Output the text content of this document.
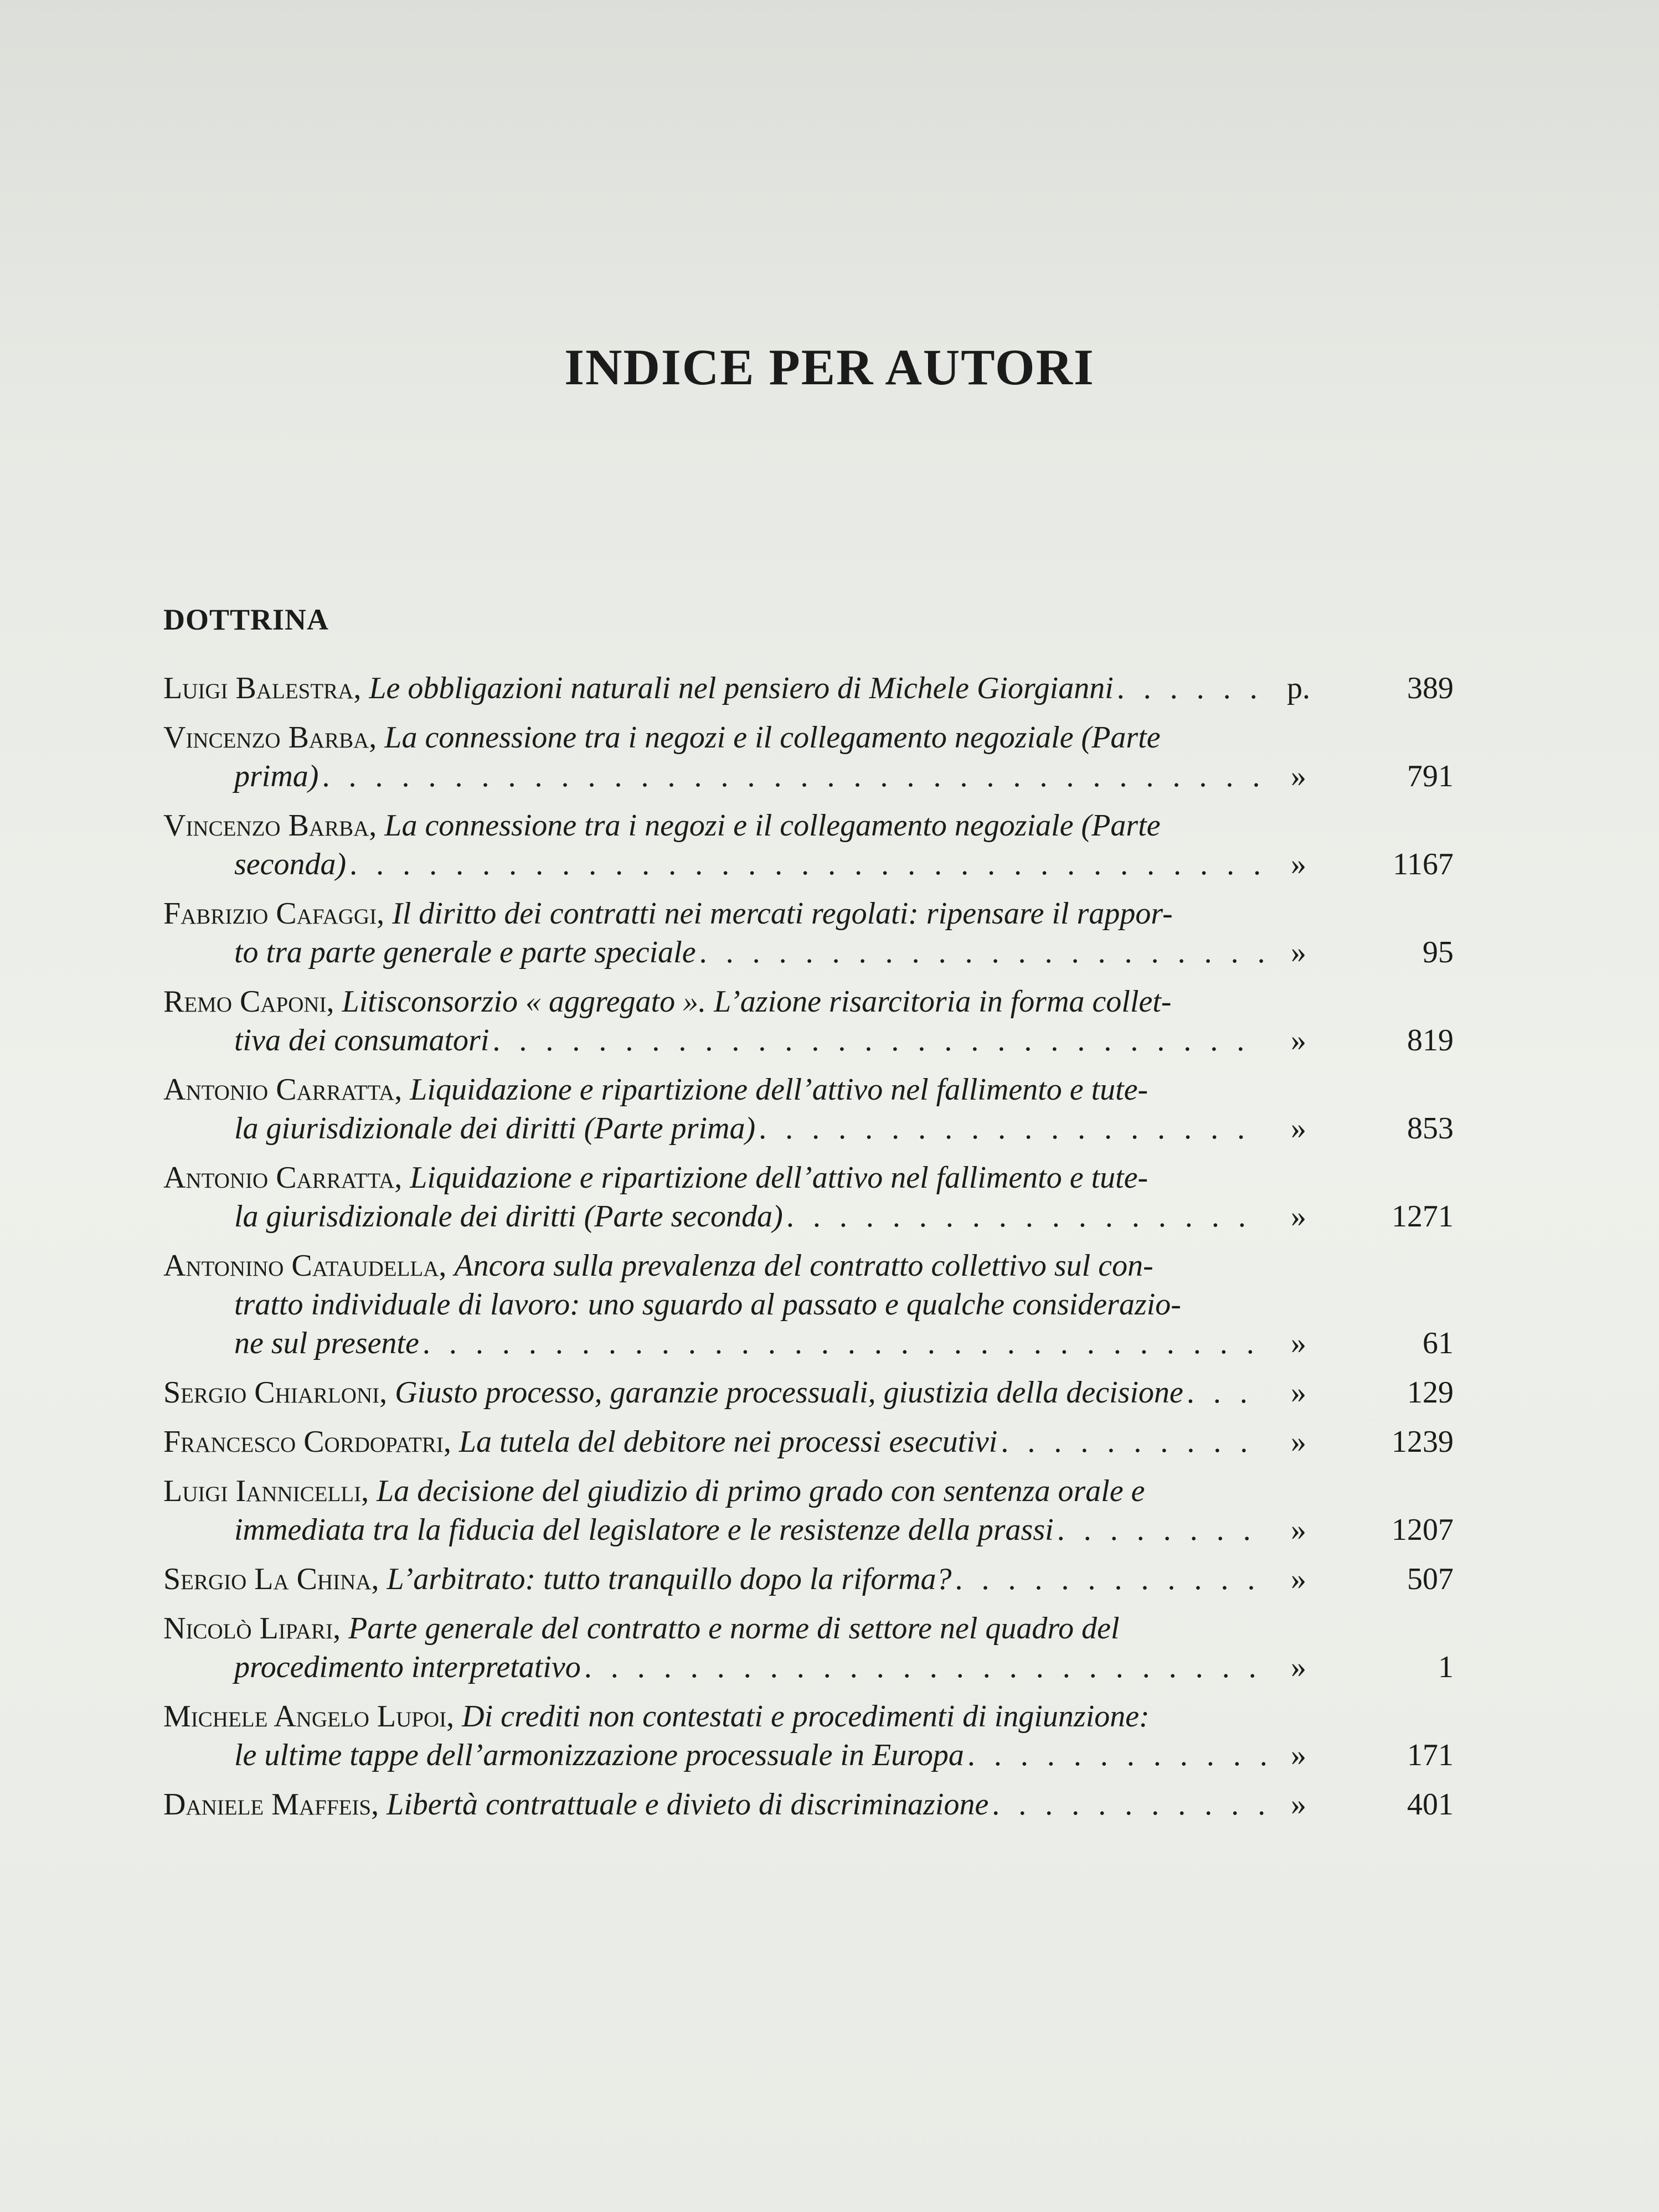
INDICE PER AUTORI
DOTTRINA
Luigi Balestra, Le obbligazioni naturali nel pensiero di Michele Giorgianni . . .	p.	389
Vincenzo Barba, La connessione tra i negozi e il collegamento negoziale (Parte
prima) . . .	»	791
Vincenzo Barba, La connessione tra i negozi e il collegamento negoziale (Parte
seconda) . . .	»	1167
Fabrizio Cafaggi, Il diritto dei contratti nei mercati regolati: ripensare il rappor-
to tra parte generale e parte speciale . . .	»	95
Remo Caponi, Litisconsorzio « aggregato ». L’azione risarcitoria in forma collet-
tiva dei consumatori . . .	»	819
Antonio Carratta, Liquidazione e ripartizione dell’attivo nel fallimento e tute-
la giurisdizionale dei diritti (Parte prima) . . .	»	853
Antonio Carratta, Liquidazione e ripartizione dell’attivo nel fallimento e tute-
la giurisdizionale dei diritti (Parte seconda) . . .	»	1271
Antonino Cataudella, Ancora sulla prevalenza del contratto collettivo sul con-
tratto individuale di lavoro: uno sguardo al passato e qualche considerazio-
ne sul presente . . .	»	61
Sergio Chiarloni, Giusto processo, garanzie processuali, giustizia della decisione . . .	»	129
Francesco Cordopatri, La tutela del debitore nei processi esecutivi . . .	»	1239
Luigi Iannicelli, La decisione del giudizio di primo grado con sentenza orale e
immediata tra la fiducia del legislatore e le resistenze della prassi . . .	»	1207
Sergio La China, L’arbitrato: tutto tranquillo dopo la riforma? . . .	»	507
Nicolò Lipari, Parte generale del contratto e norme di settore nel quadro del
procedimento interpretativo . . .	»	1
Michele Angelo Lupoi, Di crediti non contestati e procedimenti di ingiunzione:
le ultime tappe dell’armonizzazione processuale in Europa . . .	»	171
Daniele Maffeis, Libertà contrattuale e divieto di discriminazione . . .	»	401
